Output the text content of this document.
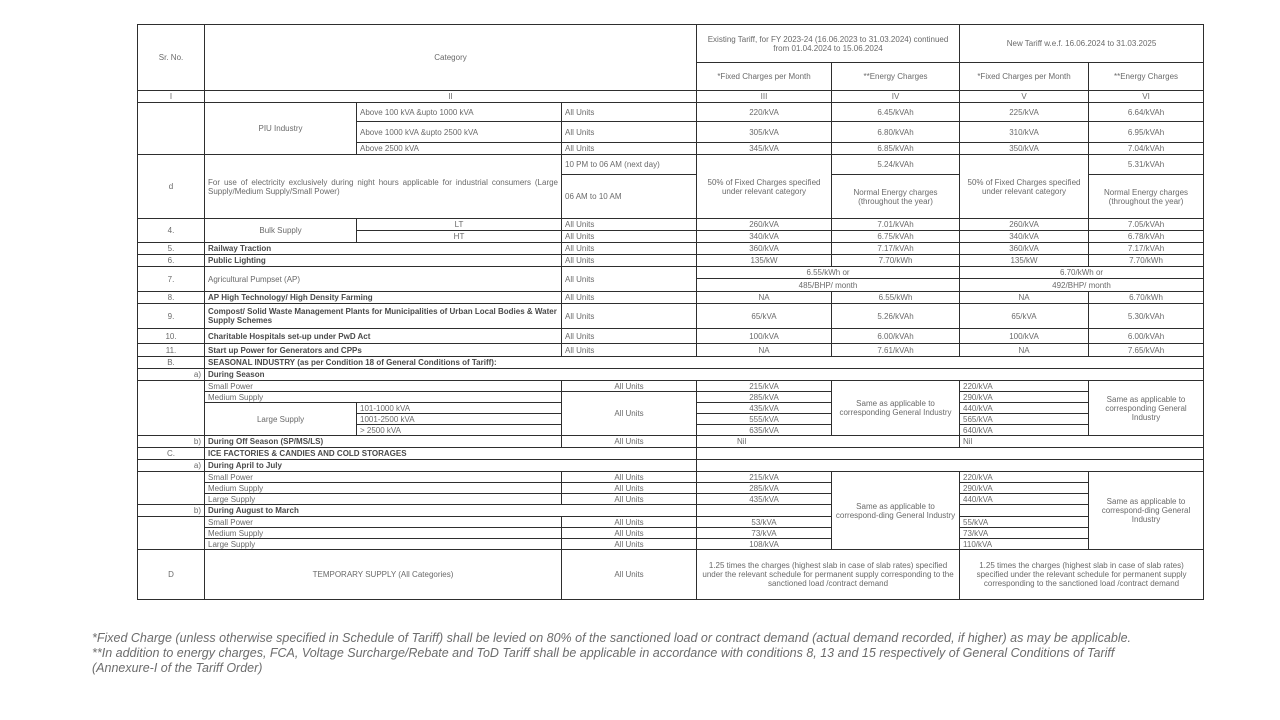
Sr. No.	Category			Existing Tariff, for FY 2023-24 (16.06.2023 to 31.03.2024) continued from 01.04.2024 to 15.06.2024		New Tariff w.e.f. 16.06.2024 to 31.03.2025	
				*Fixed Charges per Month	**Energy Charges	*Fixed Charges per Month	**Energy Charges
I	II			III	IV	V	VI
	PIU Industry	Above 100 kVA &upto 1000 kVA	All Units	220/kVA	6.45/kVAh	225/kVA	6.64/kVAh
		Above 1000 kVA &upto 2500 kVA	All Units	305/kVA	6.80/kVAh	310/kVA	6.95/kVAh
		Above 2500 kVA	All Units	345/kVA	6.85/kVAh	350/kVA	7.04/kVAh
d	For use of electricity exclusively during night hours applicable for industrial consumers (Large Supply/Medium Supply/Small Power)		10 PM to 06 AM (next day)	50% of Fixed Charges specified under relevant category	5.24/kVAh	50% of Fixed Charges specified under relevant category	5.31/kVAh
			06 AM to 10 AM		Normal Energy charges (throughout the year)		Normal Energy charges (throughout the year)
4.	Bulk Supply	LT	All Units	260/kVA	7.01/kVAh	260/kVA	7.05/kVAh
		HT	All Units	340/kVA	6.75/kVAh	340/kVA	6.78/kVAh
5.	Railway Traction		All Units	360/kVA	7.17/kVAh	360/kVA	7.17/kVAh
6.	Public Lighting		All Units	135/kW	7.70/kWh	135/kW	7.70/kWh
7.	Agricultural Pumpset (AP)		All Units	6.55/kWh or		6.70/kWh or	
				485/BHP/ month		492/BHP/ month	
8.	AP High Technology/ High Density Farming		All Units	NA	6.55/kWh	NA	6.70/kWh
9.	Compost/ Solid Waste Management Plants for Municipalities of Urban Local Bodies & Water Supply Schemes		All Units	65/kVA	5.26/kVAh	65/kVA	5.30/kVAh
10.	Charitable Hospitals set-up under PwD Act		All Units	100/kVA	6.00/kVAh	100/kVA	6.00/kVAh
11.	Start up Power for Generators and CPPs		All Units	NA	7.61/kVAh	NA	7.65/kVAh
B.	SEASONAL INDUSTRY (as per Condition 18 of General Conditions of Tariff):						
a)	During Season						
	Small Power		All Units	215/kVA	Same as applicable to corresponding General Industry	220/kVA	Same as applicable to corresponding General Industry
	Medium Supply		All Units	285/kVA		290/kVA	
	Large Supply	101-1000 kVA		435/kVA		440/kVA	
		1001-2500 kVA		555/kVA		565/kVA	
		> 2500 kVA		635/kVA		640/kVA	
b)	During Off Season (SP/MS/LS)		All Units	Nil		Nil	
C.	ICE FACTORIES & CANDIES AND COLD STORAGES						
a)	During April to July						
	Small Power		All Units	215/kVA	Same as applicable to correspond-ding General Industry	220/kVA	Same as applicable to correspond-ding General Industry
	Medium Supply		All Units	285/kVA		290/kVA	
	Large Supply		All Units	435/kVA		440/kVA	
b)	During August to March						
	Small Power		All Units	53/kVA		55/kVA	
	Medium Supply		All Units	73/kVA		73/kVA	
	Large Supply		All Units	108/kVA		110/kVA	
D	TEMPORARY SUPPLY (All Categories)		All Units	1.25 times the charges (highest slab in case of slab rates) specified under the relevant schedule for permanent supply corresponding to the sanctioned load /contract demand		1.25 times the charges (highest slab in case of slab rates) specified under the relevant schedule for permanent supply corresponding to the sanctioned load /contract demand	

*Fixed Charge (unless otherwise specified in Schedule of Tariff) shall be levied on 80% of the sanctioned load or contract demand (actual demand recorded, if higher) as may be applicable.

**In addition to energy charges, FCA, Voltage Surcharge/Rebate and ToD Tariff shall be applicable in accordance with conditions 8, 13 and 15 respectively of General Conditions of Tariff (Annexure-I of the Tariff Order)
